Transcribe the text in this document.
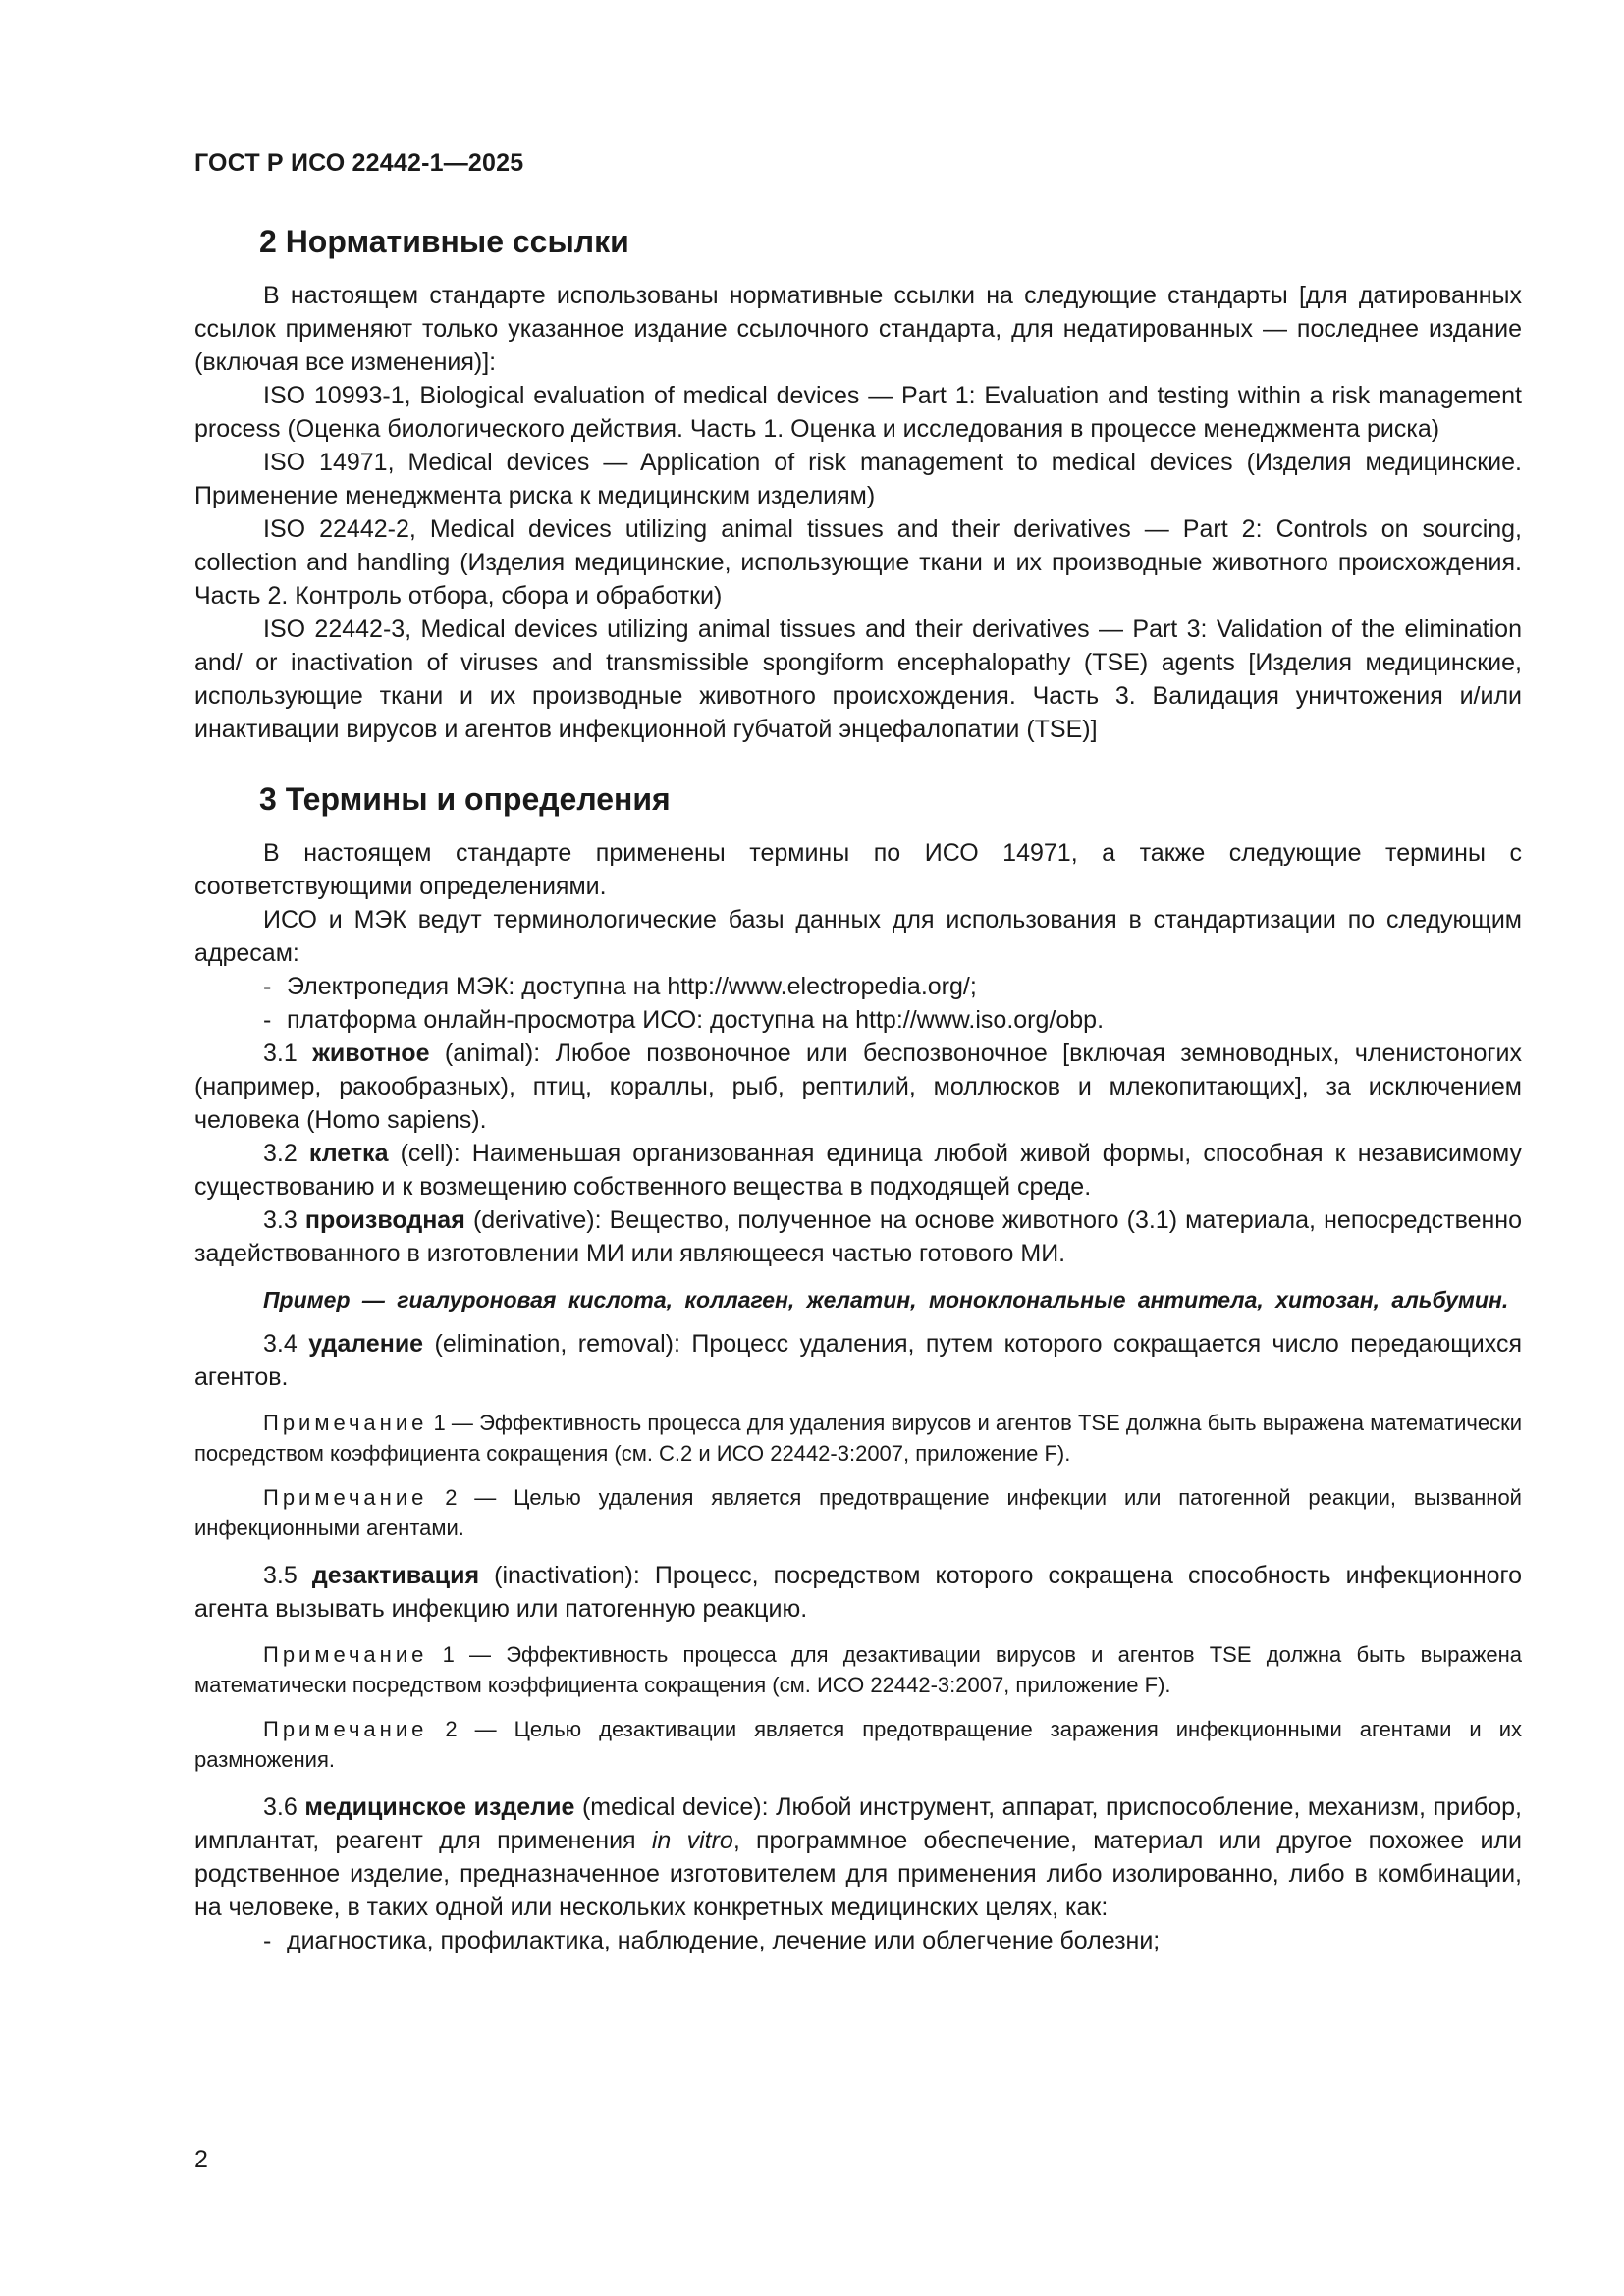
ГОСТ Р ИСО 22442-1—2025
2 Нормативные ссылки

В настоящем стандарте использованы нормативные ссылки на следующие стандарты [для датированных ссылок применяют только указанное издание ссылочного стандарта, для недатированных — последнее издание (включая все изменения)]:

ISO 10993-1, Biological evaluation of medical devices — Part 1: Evaluation and testing within a risk management process (Оценка биологического действия. Часть 1. Оценка и исследования в процессе менеджмента риска)

ISO 14971, Medical devices — Application of risk management to medical devices (Изделия медицинские. Применение менеджмента риска к медицинским изделиям)

ISO 22442-2, Medical devices utilizing animal tissues and their derivatives — Part 2: Controls on sourcing, collection and handling (Изделия медицинские, использующие ткани и их производные животного происхождения. Часть 2. Контроль отбора, сбора и обработки)

ISO 22442-3, Medical devices utilizing animal tissues and their derivatives — Part 3: Validation of the elimination and/ or inactivation of viruses and transmissible spongiform encephalopathy (TSE) agents [Изделия медицинские, использующие ткани и их производные животного происхождения. Часть 3. Валидация уничтожения и/или инактивации вирусов и агентов инфекционной губчатой энцефалопатии (TSE)]

3 Термины и определения

В настоящем стандарте применены термины по ИСО 14971, а также следующие термины с соответствующими определениями.

ИСО и МЭК ведут терминологические базы данных для использования в стандартизации по следующим адресам:

- Электропедия МЭК: доступна на http://www.electropedia.org/;

- платформа онлайн-просмотра ИСО: доступна на http://www.iso.org/obp.

3.1 животное (animal): Любое позвоночное или беспозвоночное [включая земноводных, членистоногих (например, ракообразных), птиц, кораллы, рыб, рептилий, моллюсков и млекопитающих], за исключением человека (Homo sapiens).

3.2 клетка (cell): Наименьшая организованная единица любой живой формы, способная к независимому существованию и к возмещению собственного вещества в подходящей среде.

3.3 производная (derivative): Вещество, полученное на основе животного (3.1) материала, непосредственно задействованного в изготовлении МИ или являющееся частью готового МИ.

Пример — гиалуроновая кислота, коллаген, желатин, моноклональные антитела, хитозан, альбумин.

3.4 удаление (elimination, removal): Процесс удаления, путем которого сокращается число передающихся агентов.

Примечание 1 — Эффективность процесса для удаления вирусов и агентов TSE должна быть выражена математически посредством коэффициента сокращения (см. С.2 и ИСО 22442-3:2007, приложение F).

Примечание 2 — Целью удаления является предотвращение инфекции или патогенной реакции, вызванной инфекционными агентами.

3.5 дезактивация (inactivation): Процесс, посредством которого сокращена способность инфекционного агента вызывать инфекцию или патогенную реакцию.

Примечание 1 — Эффективность процесса для дезактивации вирусов и агентов TSE должна быть выражена математически посредством коэффициента сокращения (см. ИСО 22442-3:2007, приложение F).

Примечание 2 — Целью дезактивации является предотвращение заражения инфекционными агентами и их размножения.

3.6 медицинское изделие (medical device): Любой инструмент, аппарат, приспособление, механизм, прибор, имплантат, реагент для применения in vitro, программное обеспечение, материал или другое похожее или родственное изделие, предназначенное изготовителем для применения либо изолированно, либо в комбинации, на человеке, в таких одной или нескольких конкретных медицинских целях, как:

- диагностика, профилактика, наблюдение, лечение или облегчение болезни;

2
